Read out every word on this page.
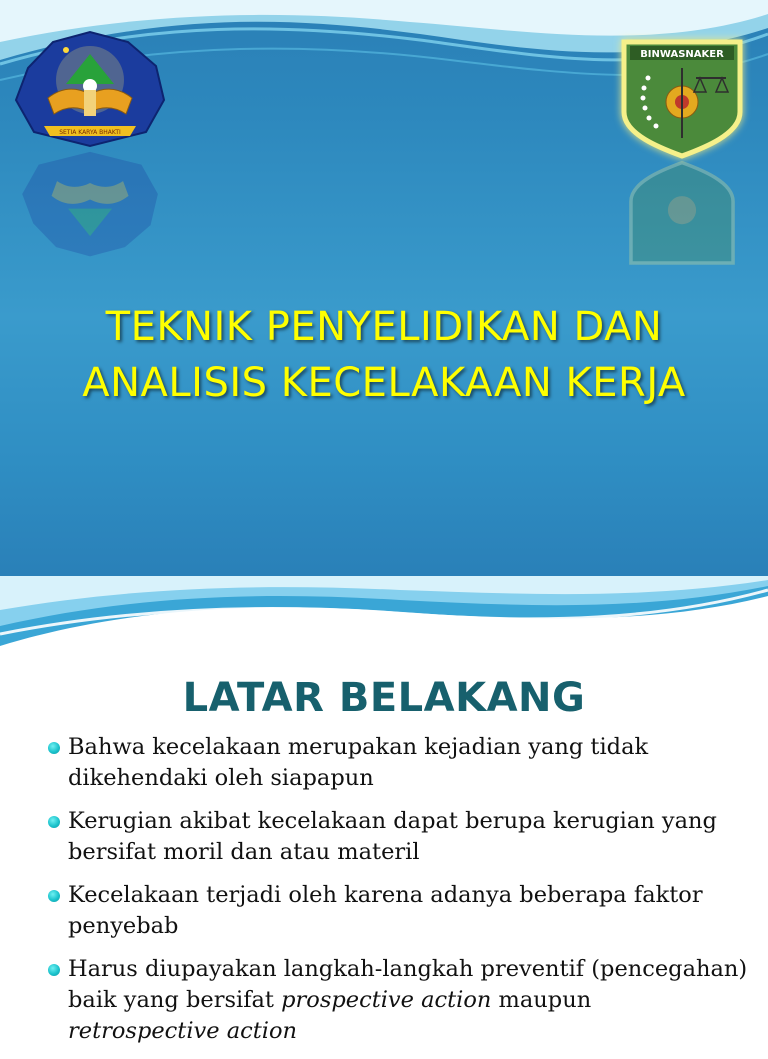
SETIA KARYA BHAKTI
BINWASNAKER
TEKNIK PENYELIDIKAN DAN
ANALISIS KECELAKAAN KERJA
LATAR BELAKANG
Bahwa kecelakaan merupakan kejadian yang tidak dikehendaki oleh siapapun
Kerugian akibat kecelakaan dapat berupa kerugian yang bersifat moril dan atau materil
Kecelakaan terjadi oleh karena adanya beberapa faktor penyebab
Harus diupayakan langkah-langkah preventif (pencegahan) baik yang bersifat prospective action maupun retrospective action
